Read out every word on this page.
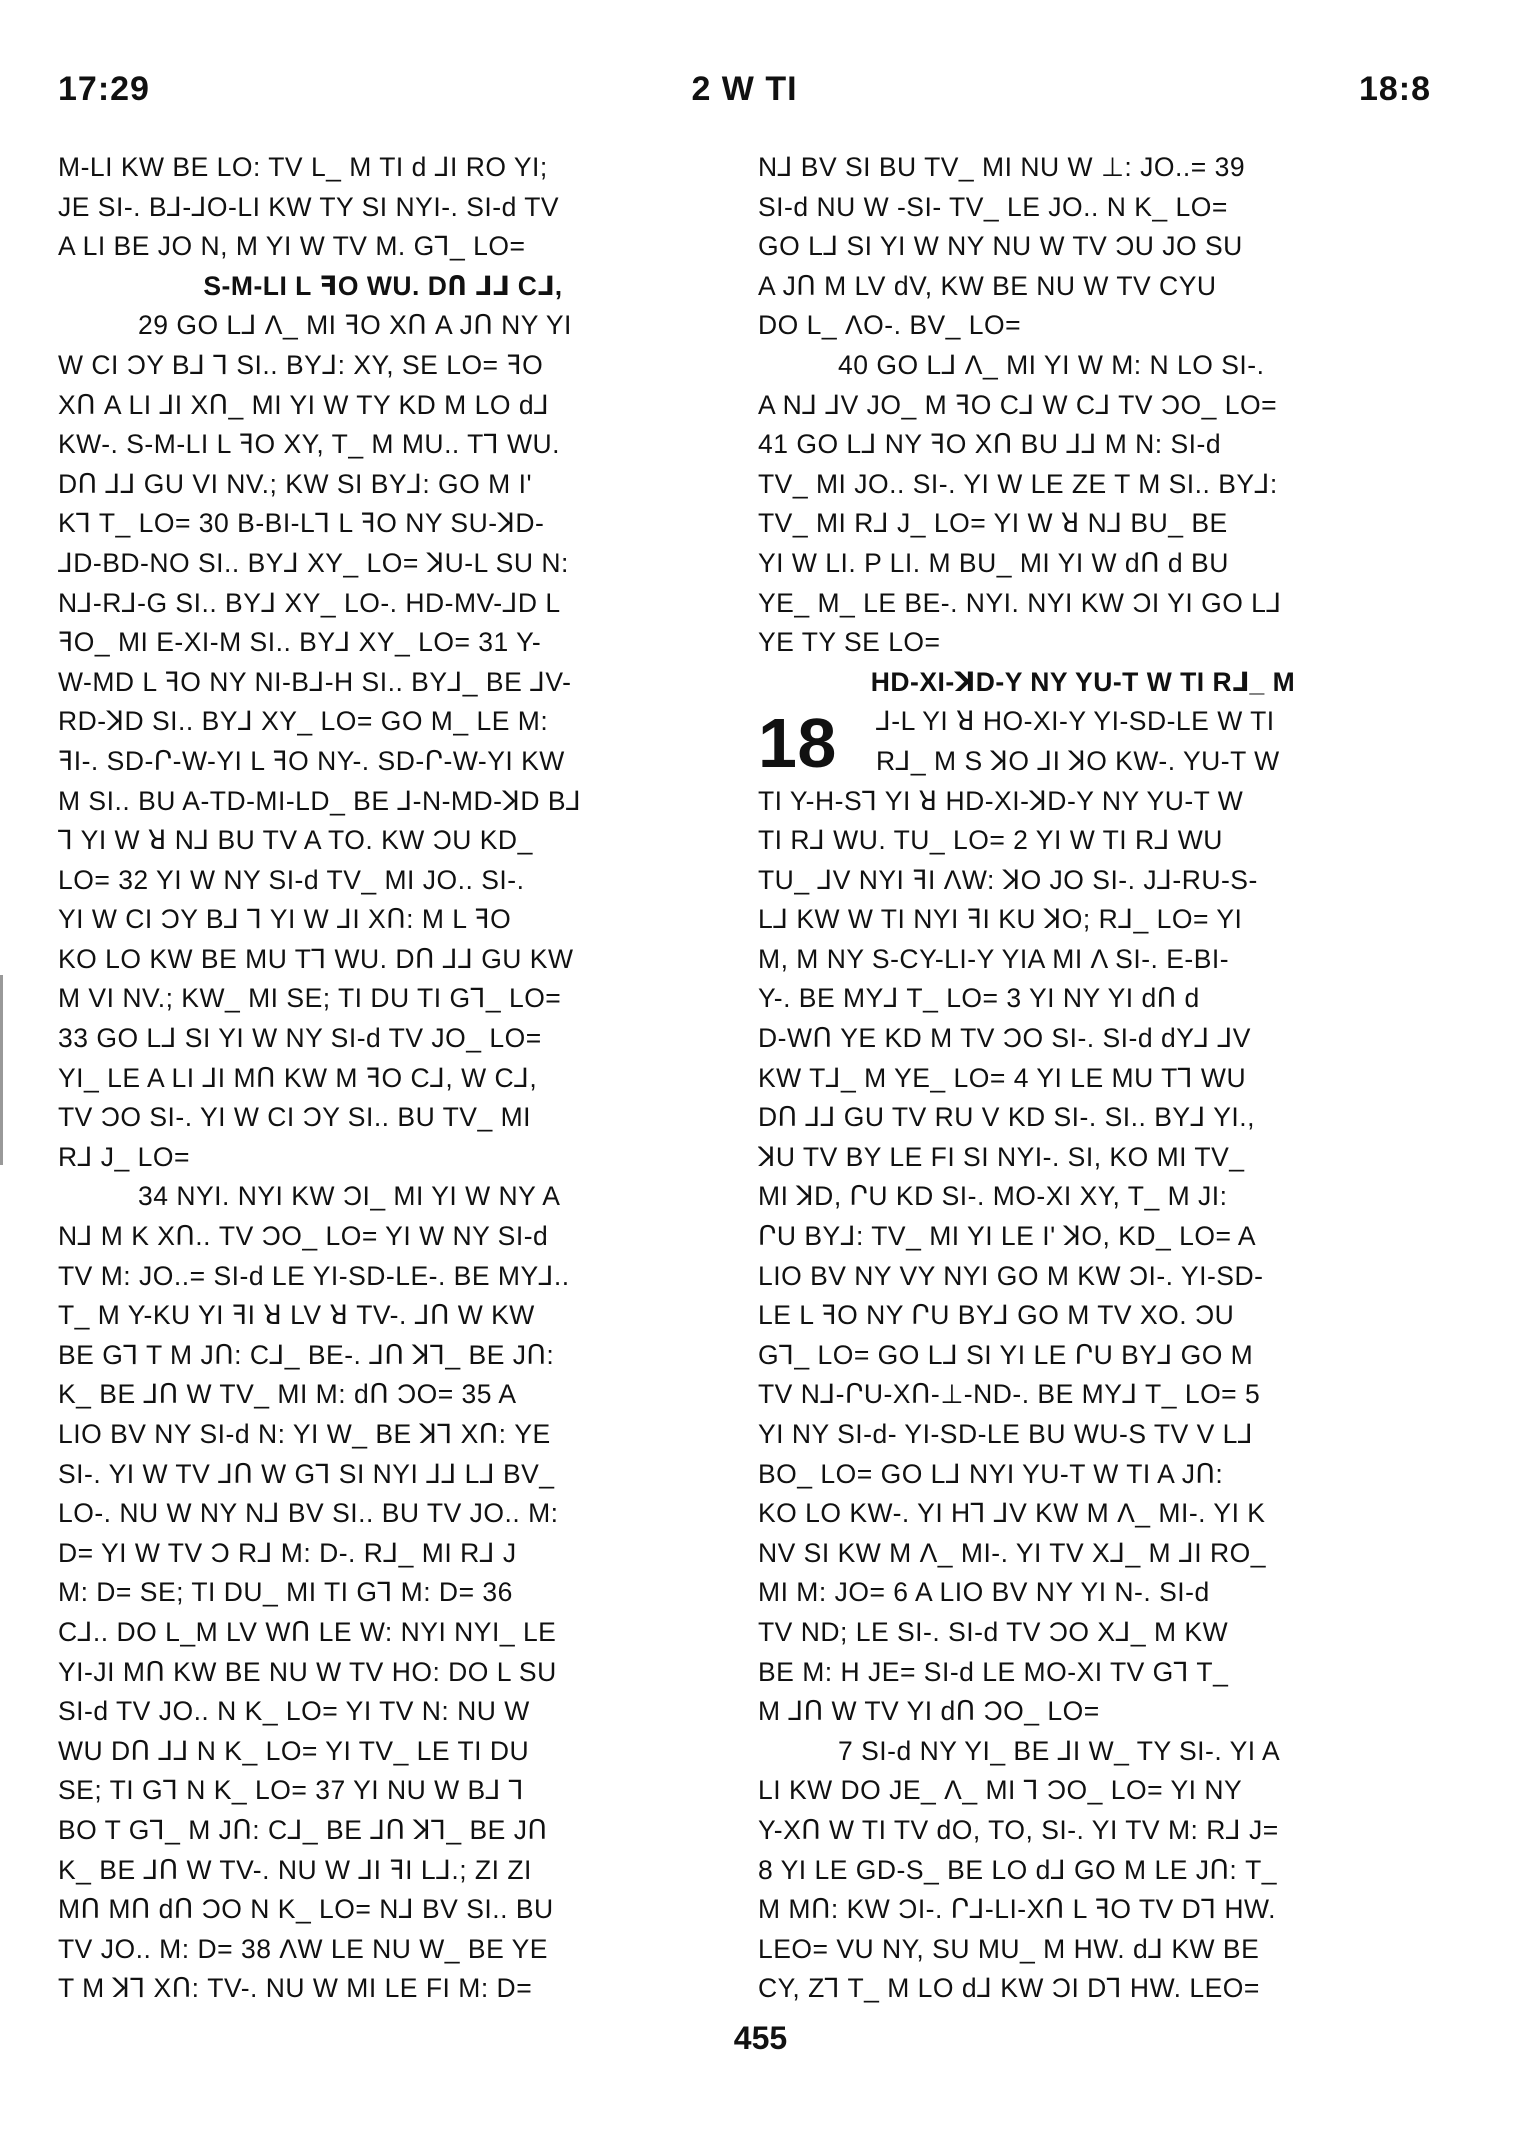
17:29	2 W TI	18:8
M-LI KW BE LO: TV L_ M TI d ⅃I RO YI;
JE SI-. B⅃-⅃O-LI KW TY SI NYI-. SI-d TV
A LI BE JO N, M YI W TV M. G⅂_ LO=
S-M-LI L ꟻO WU. DՈ ⅃⅃ C⅃,
29 GO L⅃ Λ_ MI ꟻO XՈ A JՈ NY YI
W CI ƆY B⅃ ⅂ SI.. BY⅃: XY, SE LO= ꟻO
XՈ A LI ⅃I XՈ_ MI YI W TY KD M LO d⅃
KW-. S-M-LI L ꟻO XY, T_ M MU.. T⅂ WU.
DՈ ⅃⅃ GU VI NV.; KW SI BY⅃: GO M Iʹ
K⅂ T_ LO= 30 B-BI-L⅂ L ꟻO NY SU-ꓘD-
⅃D-BD-NO SI.. BY⅃ XY_ LO= ꓘU-L SU N:
N⅃-R⅃-G SI.. BY⅃ XY_ LO-. HD-MV-⅃D L
ꟻO_ MI E-XI-M SI.. BY⅃ XY_ LO= 31 Y-
W-MD L ꟻO NY NI-B⅃-H SI.. BY⅃_ BE ⅃V-
RD-ꓘD SI.. BY⅃ XY_ LO= GO M_ LE M:
ꟻI-. SD-Ր-W-YI L ꟻO NY-. SD-Ր-W-YI KW
M SI.. BU A-TD-MI-LD_ BE ⅃-N-MD-ꓘD B⅃
⅂ YI W ꓤ N⅃ BU TV A TO. KW ƆU KD_
LO= 32 YI W NY SI-d TV_ MI JO.. SI-.
YI W CI ƆY B⅃ ⅂ YI W ⅃I XՈ: M L ꟻO
KO LO KW BE MU T⅂ WU. DՈ ⅃⅃ GU KW
M VI NV.; KW_ MI SE; TI DU TI G⅂_ LO=
33 GO L⅃ SI YI W NY SI-d TV JO_ LO=
YI_ LE A LI ⅃I MՈ KW M ꟻO C⅃, W C⅃,
TV ƆO SI-. YI W CI ƆY SI.. BU TV_ MI
R⅃ J_ LO=
34 NYI. NYI KW ƆI_ MI YI W NY A
N⅃ M K XՈ.. TV ƆO_ LO= YI W NY SI-d
TV M: JO..= SI-d LE YI-SD-LE-. BE MY⅃..
T_ M Y-KU YI ꟻI ꓤ LV ꓤ TV-. ⅃Ո W KW
BE G⅂ T M JՈ: C⅃_ BE-. ⅃Ո ꓘ⅂_ BE JՈ:
K_ BE ⅃Ո W TV_ MI M: dՈ ƆO= 35 A
LIO BV NY SI-d N: YI W_ BE ꓘ⅂ XՈ: YE
SI-. YI W TV ⅃Ո W G⅂ SI NYI ⅃⅃ L⅃ BV_
LO-. NU W NY N⅃ BV SI.. BU TV JO.. M:
D= YI W TV Ɔ R⅃ M: D-. R⅃_ MI R⅃ J
M: D= SE; TI DU_ MI TI G⅂ M: D= 36
C⅃.. DO L_M LV WՈ LE W: NYI NYI_ LE
YI-JI MՈ KW BE NU W TV HO: DO L SU
SI-d TV JO.. N K_ LO= YI TV N: NU W
WU DՈ ⅃⅃ N K_ LO= YI TV_ LE TI DU
SE; TI G⅂ N K_ LO= 37 YI NU W B⅃ ⅂
BO T G⅂_ M JՈ: C⅃_ BE ⅃Ո ꓘ⅂_ BE JՈ
K_ BE ⅃Ո W TV-. NU W ⅃I ꟻI L⅃.; ZI ZI
MՈ MՈ dՈ ƆO N K_ LO= N⅃ BV SI.. BU
TV JO.. M: D= 38 ΛW LE NU W_ BE YE
T M ꓘ⅂ XՈ: TV-. NU W MI LE FI M: D=
N⅃ BV SI BU TV_ MI NU W ⊥: JO..= 39
SI-d NU W -SI- TV_ LE JO.. N K_ LO=
GO L⅃ SI YI W NY NU W TV ƆU JO SU
A JՈ M LV dV, KW BE NU W TV CYU
DO L_ ΛO-. BV_ LO=
40 GO L⅃ Λ_ MI YI W M: N LO SI-.
A N⅃ ⅃V JO_ M ꟻO C⅃ W C⅃ TV ƆO_ LO=
41 GO L⅃ NY ꟻO XՈ BU ⅃⅃ M N: SI-d
TV_ MI JO.. SI-. YI W LE ZE T M SI.. BY⅃:
TV_ MI R⅃ J_ LO= YI W ꓤ N⅃ BU_ BE
YI W LI. P LI. M BU_ MI YI W dՈ d BU
YE_ M_ LE BE-. NYI. NYI KW ƆI YI GO L⅃
YE TY SE LO=
HD-XI-ꓘD-Y NY YU-T W TI R⅃_ M
⅃-L YI ꓤ HO-XI-Y YI-SD-LE W TI
18	R⅃_ M S ꓘO ⅃I ꓘO KW-. YU-T W
TI Y-H-S⅂ YI ꓤ HD-XI-ꓘD-Y NY YU-T W
TI R⅃ WU. TU_ LO= 2 YI W TI R⅃ WU
TU_ ⅃V NYI ꟻI ΛW: ꓘO JO SI-. J⅃-RU-S-
L⅃ KW W TI NYI ꟻI KU ꓘO; R⅃_ LO= YI
M, M NY S-CY-LI-Y YIA MI Λ SI-. E-BI-
Y-. BE MY⅃ T_ LO= 3 YI NY YI dՈ d
D-WՈ YE KD M TV ƆO SI-. SI-d dY⅃ ⅃V
KW T⅃_ M YE_ LO= 4 YI LE MU T⅂ WU
DՈ ⅃⅃ GU TV RU V KD SI-. SI.. BY⅃ YI.,
ꓘU TV BY LE FI SI NYI-. SI, KO MI TV_
MI ꓘD, ՐU KD SI-. MO-XI XY, T_ M JI:
ՐU BY⅃: TV_ MI YI LE Iʹ ꓘO, KD_ LO= A
LIO BV NY VY NYI GO M KW ƆI-. YI-SD-
LE L ꟻO NY ՐU BY⅃ GO M TV XO. ƆU
G⅂_ LO= GO L⅃ SI YI LE ՐU BY⅃ GO M
TV N⅃-ՐU-XՈ-⊥-ND-. BE MY⅃ T_ LO= 5
YI NY SI-d- YI-SD-LE BU WU-S TV V L⅃
BO_ LO= GO L⅃ NYI YU-T W TI A JՈ:
KO LO KW-. YI H⅂ ⅃V KW M Λ_ MI-. YI K
NV SI KW M Λ_ MI-. YI TV X⅃_ M ⅃I RO_
MI M: JO= 6 A LIO BV NY YI N-. SI-d
TV ND; LE SI-. SI-d TV ƆO X⅃_ M KW
BE M: H JE= SI-d LE MO-XI TV G⅂ T_
M ⅃Ո W TV YI dՈ ƆO_ LO=
7 SI-d NY YI_ BE ⅃I W_ TY SI-. YI A
LI KW DO JE_ Λ_ MI ⅂ ƆO_ LO= YI NY
Y-XՈ W TI TV dO, TO, SI-. YI TV M: R⅃ J=
8 YI LE GD-S_ BE LO d⅃ GO M LE JՈ: T_
M MՈ: KW ƆI-. Ր⅃-LI-XՈ L ꟻO TV D⅂ HW.
LEO= VU NY, SU MU_ M HW. d⅃ KW BE
CY, Z⅂ T_ M LO d⅃ KW ƆI D⅂ HW. LEO=
455
